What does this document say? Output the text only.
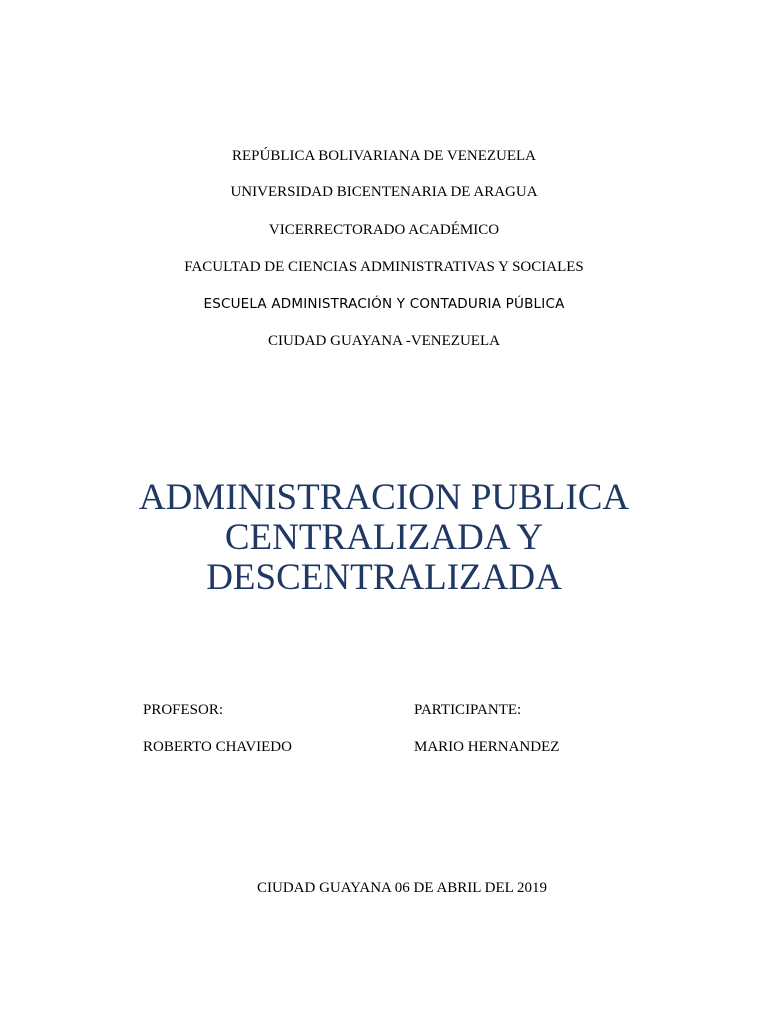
REPÚBLICA BOLIVARIANA DE VENEZUELA
UNIVERSIDAD BICENTENARIA DE ARAGUA
VICERRECTORADO ACADÉMICO
FACULTAD DE CIENCIAS ADMINISTRATIVAS Y SOCIALES
ESCUELA ADMINISTRACIÓN Y CONTADURIA PÚBLICA
CIUDAD GUAYANA -VENEZUELA
ADMINISTRACION PUBLICA
CENTRALIZADA Y
DESCENTRALIZADA
PROFESOR:
ROBERTO CHAVIEDO
PARTICIPANTE:
MARIO HERNANDEZ
CIUDAD GUAYANA 06 DE ABRIL DEL 2019
